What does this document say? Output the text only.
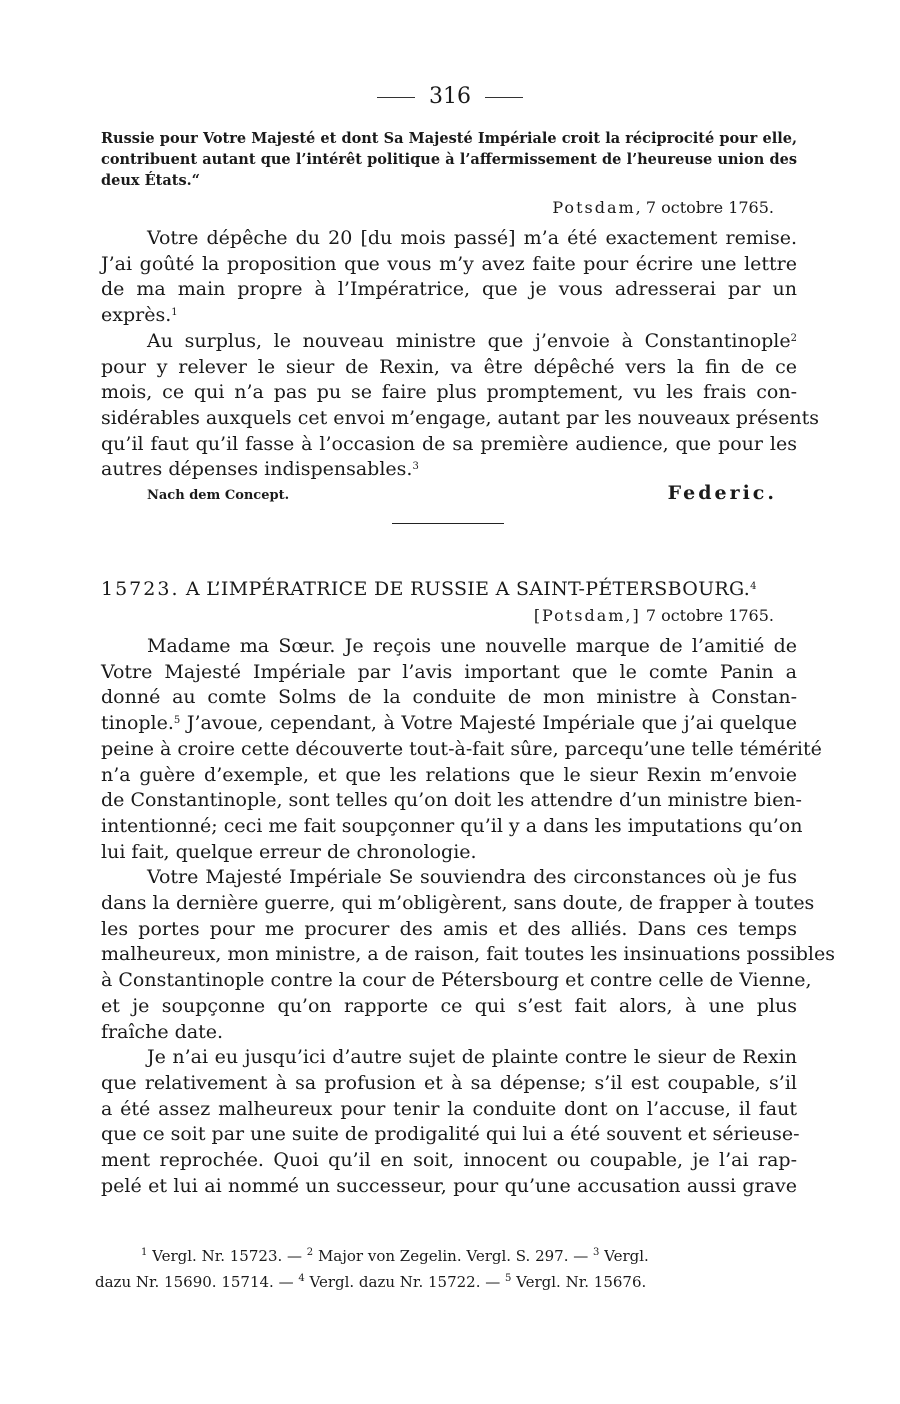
316
Russie pour Votre Majesté et dont Sa Majesté Impériale croit la réciprocité pour elle,
contribuent autant que l’intérêt politique à l’affermissement de l’heureuse union des
deux États.“
Potsdam, 7 octobre 1765.
Votre dépêche du 20 [du mois passé] m’a été exactement remise.
J’ai goûté la proposition que vous m’y avez faite pour écrire une lettre
de ma main propre à l’Impératrice, que je vous adresserai par un
exprès.$^1$
Au surplus, le nouveau ministre que j’envoie à Constantinople$^2$
pour y relever le sieur de Rexin, va être dépêché vers la fin de ce
mois, ce qui n’a pas pu se faire plus promptement, vu les frais con-
sidérables auxquels cet envoi m’engage, autant par les nouveaux présents
qu’il faut qu’il fasse à l’occasion de sa première audience, que pour les
autres dépenses indispensables.$^3$
Nach dem Concept.	Federic.
15723. A L’IMPÉRATRICE DE RUSSIE A SAINT-PÉTERSBOURG.$^4$
[Potsdam,] 7 octobre 1765.
Madame ma Sœur. Je reçois une nouvelle marque de l’amitié de
Votre Majesté Impériale par l’avis important que le comte Panin a
donné au comte Solms de la conduite de mon ministre à Constan-
tinople.$^5$ J’avoue, cependant, à Votre Majesté Impériale que j’ai quelque
peine à croire cette découverte tout-à-fait sûre, parcequ’une telle témérité
n’a guère d’exemple, et que les relations que le sieur Rexin m’envoie
de Constantinople, sont telles qu’on doit les attendre d’un ministre bien-
intentionné; ceci me fait soupçonner qu’il y a dans les imputations qu’on
lui fait, quelque erreur de chronologie.
Votre Majesté Impériale Se souviendra des circonstances où je fus
dans la dernière guerre, qui m’obligèrent, sans doute, de frapper à toutes
les portes pour me procurer des amis et des alliés. Dans ces temps
malheureux, mon ministre, a de raison, fait toutes les insinuations possibles
à Constantinople contre la cour de Pétersbourg et contre celle de Vienne,
et je soupçonne qu’on rapporte ce qui s’est fait alors, à une plus
fraîche date.
Je n’ai eu jusqu’ici d’autre sujet de plainte contre le sieur de Rexin
que relativement à sa profusion et à sa dépense; s’il est coupable, s’il
a été assez malheureux pour tenir la conduite dont on l’accuse, il faut
que ce soit par une suite de prodigalité qui lui a été souvent et sérieuse-
ment reprochée. Quoi qu’il en soit, innocent ou coupable, je l’ai rap-
pelé et lui ai nommé un successeur, pour qu’une accusation aussi grave
$^1$ Vergl. Nr. 15723. — $^2$ Major von Zegelin. Vergl. S. 297. — $^3$ Vergl.
dazu Nr. 15690. 15714. — $^4$ Vergl. dazu Nr. 15722. — $^5$ Vergl. Nr. 15676.
